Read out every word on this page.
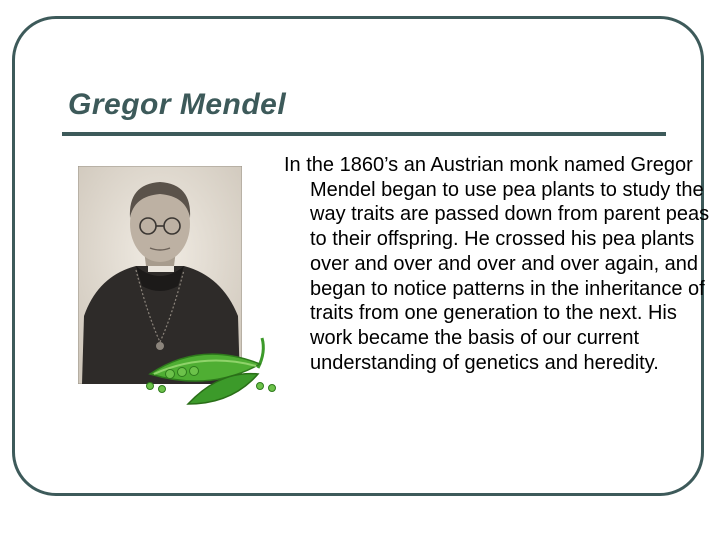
Gregor Mendel

In the 1860’s an Austrian monk named Gregor Mendel began to use pea plants to study the way traits are passed down from parent peas to their offspring. He crossed his pea plants over and over and over and over again, and began to notice patterns in the inheritance of traits from one generation to the next. His work became the basis of our current understanding of genetics and heredity.
